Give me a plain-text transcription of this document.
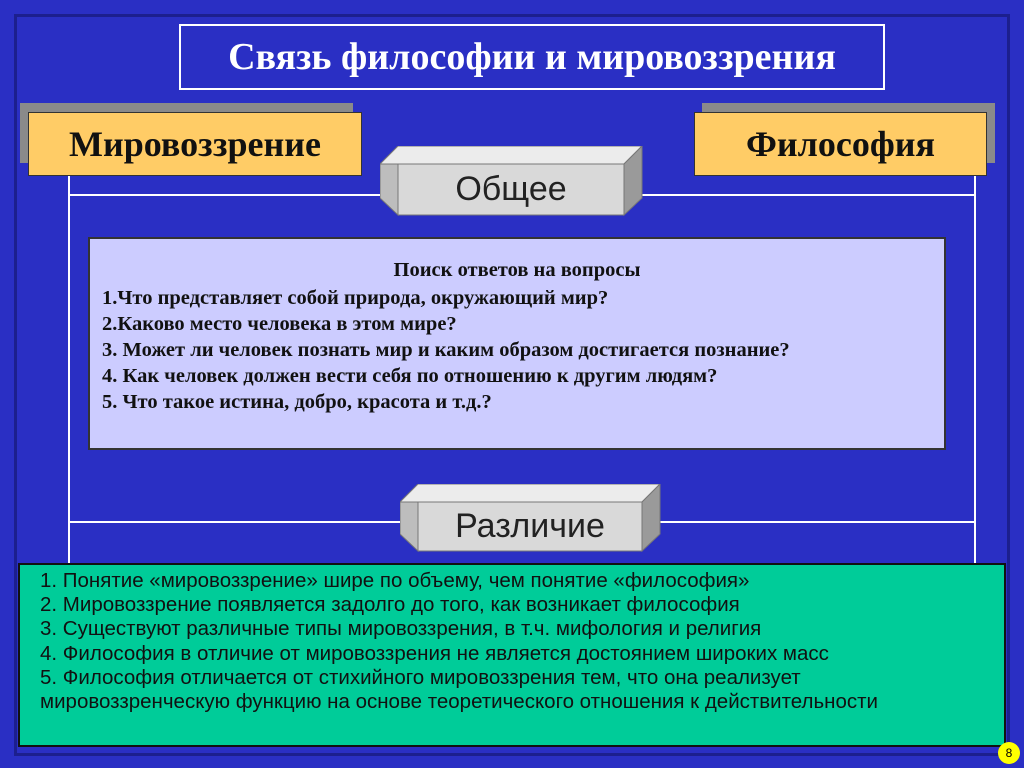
Связь философии и мировоззрения
Мировоззрение	Философия
Общее
Поиск ответов на вопросы
1.Что представляет собой природа, окружающий мир?
2.Каково место человека в этом мире?
3. Может ли человек познать мир и каким образом достигается познание?
4. Как человек должен вести себя по отношению к другим людям?
5. Что такое истина, добро, красота и т.д.?
Различие
1. Понятие «мировоззрение» шире по объему, чем понятие «философия»
2. Мировоззрение появляется задолго до того, как возникает философия
3. Существуют различные типы мировоззрения, в т.ч. мифология и религия
4. Философия в отличие от мировоззрения не является достоянием широких масс
5. Философия отличается от стихийного мировоззрения тем, что она реализует мировоззренческую функцию на основе теоретического отношения к действительности
8
